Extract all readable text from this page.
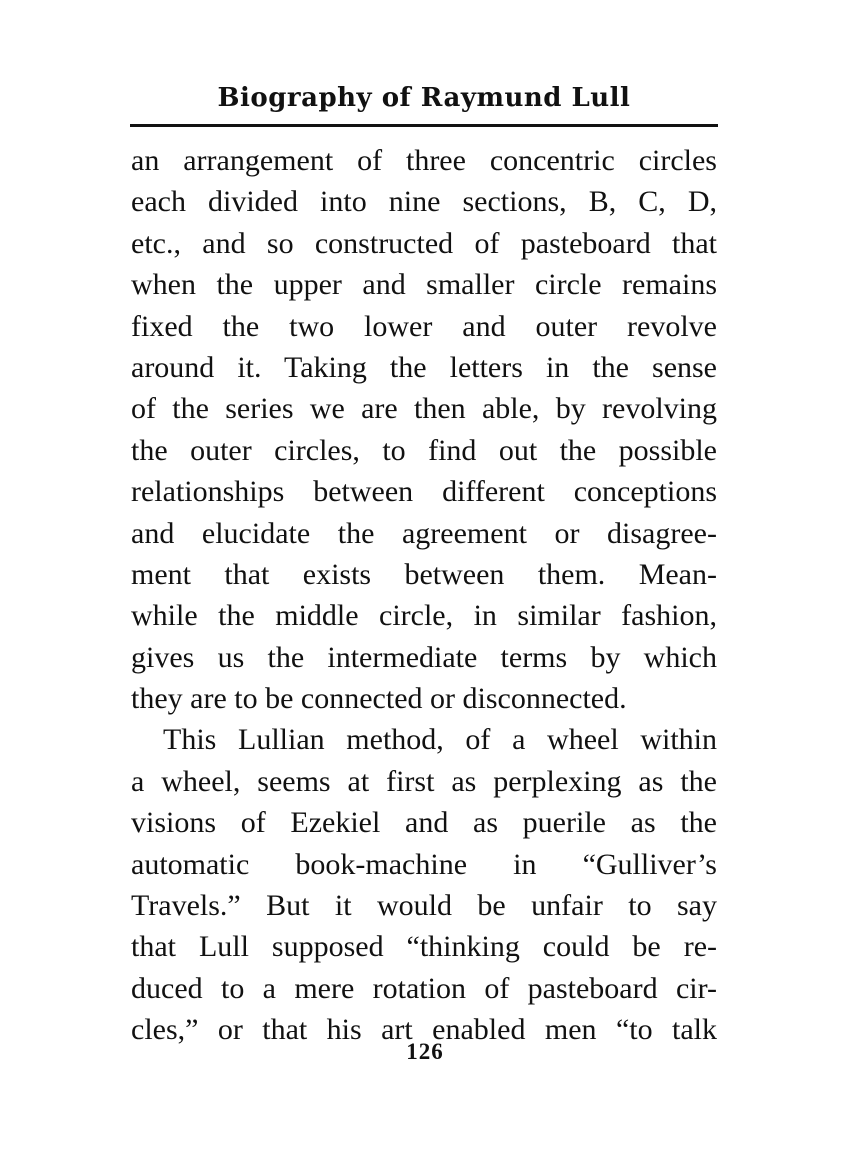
Biography of Raymund Lull
an arrangement of three concentric circles
each divided into nine sections, B, C, D,
etc., and so constructed of pasteboard that
when the upper and smaller circle remains
fixed the two lower and outer revolve
around it. Taking the letters in the sense
of the series we are then able, by revolving
the outer circles, to find out the possible
relationships between different conceptions
and elucidate the agreement or disagree-
ment that exists between them. Mean-
while the middle circle, in similar fashion,
gives us the intermediate terms by which
they are to be connected or disconnected.
This Lullian method, of a wheel within
a wheel, seems at first as perplexing as the
visions of Ezekiel and as puerile as the
automatic book-machine in “Gulliver’s
Travels.” But it would be unfair to say
that Lull supposed “thinking could be re-
duced to a mere rotation of pasteboard cir-
cles,” or that his art enabled men “to talk
126
